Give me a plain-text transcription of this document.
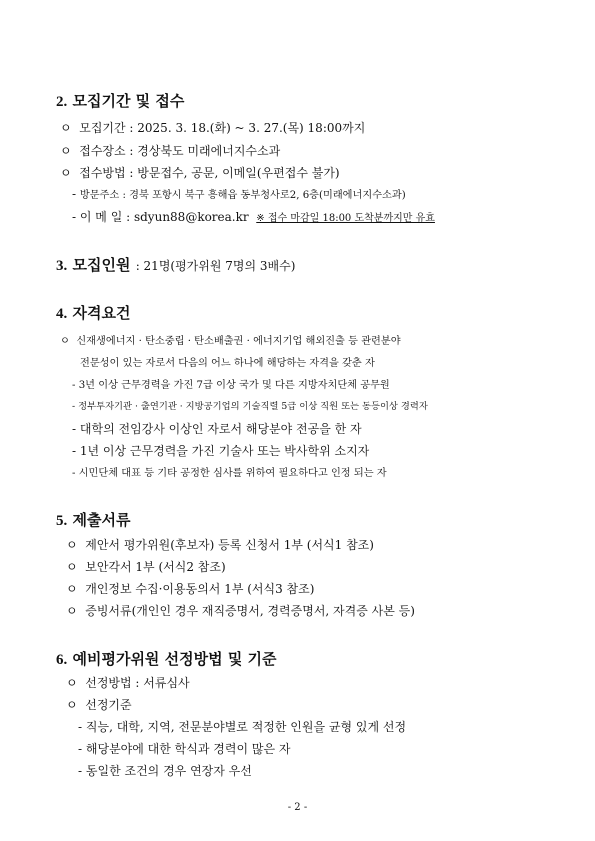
2. 모집기간 및 접수
ㅇ 모집기간 : 2025. 3. 18.(화) ~ 3. 27.(목) 18:00까지
ㅇ 접수장소 : 경상북도 미래에너지수소과
ㅇ 접수방법 : 방문접수, 공문, 이메일(우편접수 불가)
- 방문주소 : 경북 포항시 북구 흥해읍 동부청사로2, 6층(미래에너지수소과)
- 이 메 일 : sdyun88@korea.kr ※ 접수 마감일 18:00 도착분까지만 유효
3. 모집인원 : 21명(평가위원 7명의 3배수)
4. 자격요건
ㅇ 신재생에너지 · 탄소중립 · 탄소배출권 · 에너지기업 해외진출 등 관련분야
전문성이 있는 자로서 다음의 어느 하나에 해당하는 자격을 갖춘 자
- 3년 이상 근무경력을 가진 7급 이상 국가 및 다른 지방자치단체 공무원
- 정부투자기관 · 출연기관 · 지방공기업의 기술직렬 5급 이상 직원 또는 동등이상 경력자
- 대학의 전임강사 이상인 자로서 해당분야 전공을 한 자
- 1년 이상 근무경력을 가진 기술사 또는 박사학위 소지자
- 시민단체 대표 등 기타 공정한 심사를 위하여 필요하다고 인정 되는 자
5. 제출서류
ㅇ 제안서 평가위원(후보자) 등록 신청서 1부 (서식1 참조)
ㅇ 보안각서 1부 (서식2 참조)
ㅇ 개인정보 수집·이용동의서 1부 (서식3 참조)
ㅇ 증빙서류(개인인 경우 재직증명서, 경력증명서, 자격증 사본 등)
6. 예비평가위원 선정방법 및 기준
ㅇ 선정방법 : 서류심사
ㅇ 선정기준
- 직능, 대학, 지역, 전문분야별로 적정한 인원을 균형 있게 선정
- 해당분야에 대한 학식과 경력이 많은 자
- 동일한 조건의 경우 연장자 우선
- 2 -
